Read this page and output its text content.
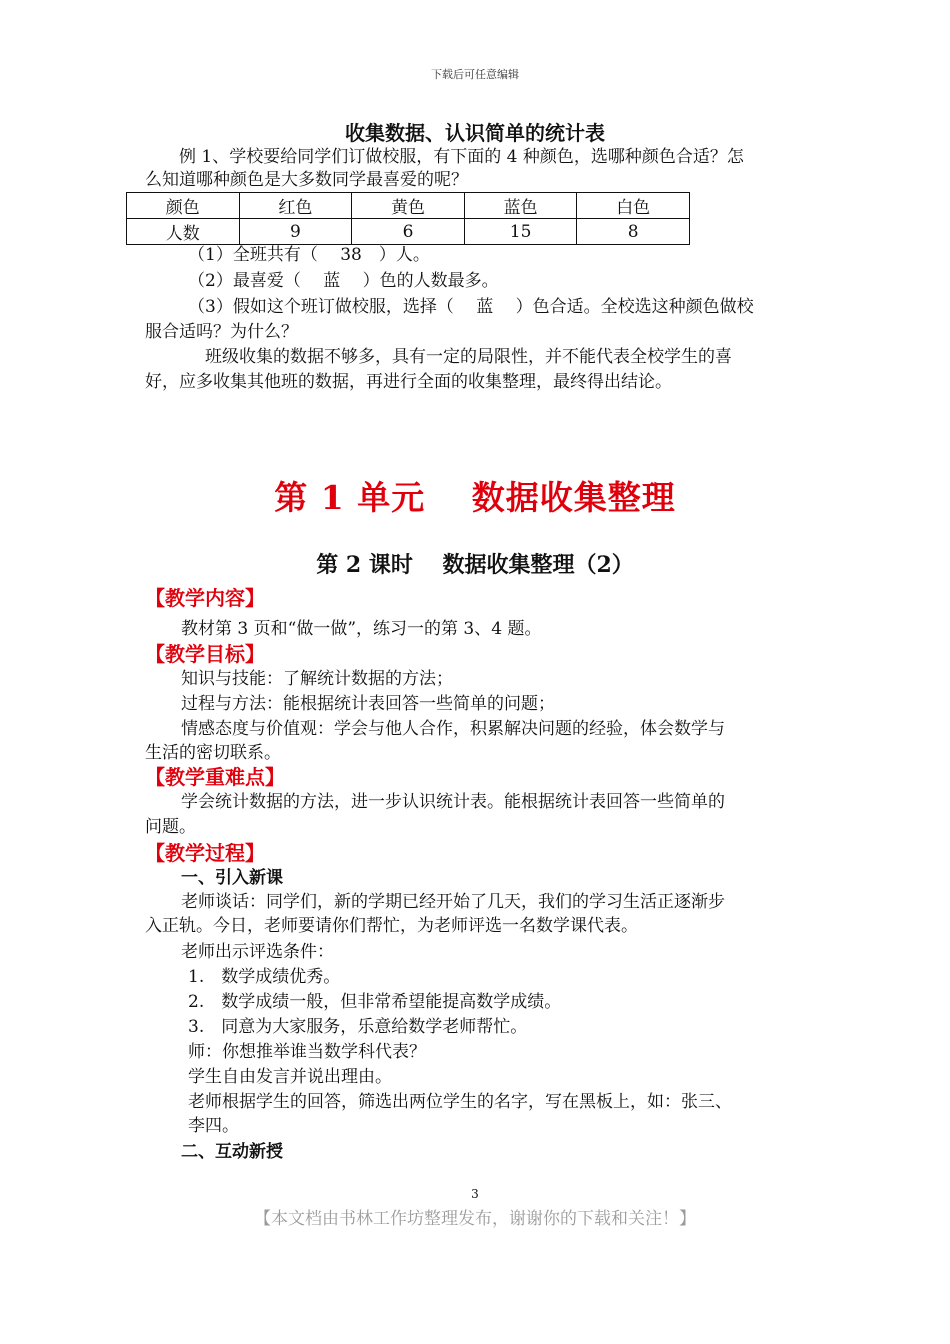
下载后可任意编辑
收集数据、认识简单的统计表

例 1、学校要给同学们订做校服，有下面的 4 种颜色，选哪种颜色合适？怎

么知道哪种颜色是大多数同学最喜爱的呢？

颜色	红色	黄色	蓝色	白色
人数	9	6	15	8

（1）全班共有（　 38　）人。

（2）最喜爱（　 蓝　 ）色的人数最多。

（3）假如这个班订做校服，选择（　 蓝　 ）色合适。全校选这种颜色做校

服合适吗？为什么？

班级收集的数据不够多，具有一定的局限性，并不能代表全校学生的喜

好，应多收集其他班的数据，再进行全面的收集整理，最终得出结论。

第 1 单元　 数据收集整理
第 2 课时　 数据收集整理（2）

【教学内容】

教材第 3 页和“做一做”，练习一的第 3、4 题。

【教学目标】

知识与技能：了解统计数据的方法；

过程与方法：能根据统计表回答一些简单的问题；

情感态度与价值观：学会与他人合作，积累解决问题的经验，体会数学与

生活的密切联系。

【教学重难点】

学会统计数据的方法，进一步认识统计表。能根据统计表回答一些简单的

问题。

【教学过程】

一、引入新课

老师谈话：同学们，新的学期已经开始了几天，我们的学习生活正逐渐步

入正轨。今日，老师要请你们帮忙，为老师评选一名数学课代表。

老师出示评选条件：

1.　数学成绩优秀。

2.　数学成绩一般，但非常希望能提高数学成绩。

3.　同意为大家服务，乐意给数学老师帮忙。

师：你想推举谁当数学科代表？

学生自由发言并说出理由。

老师根据学生的回答，筛选出两位学生的名字，写在黑板上，如：张三、

李四。

二、互动新授

3
【本文档由书林工作坊整理发布，谢谢你的下载和关注！】
